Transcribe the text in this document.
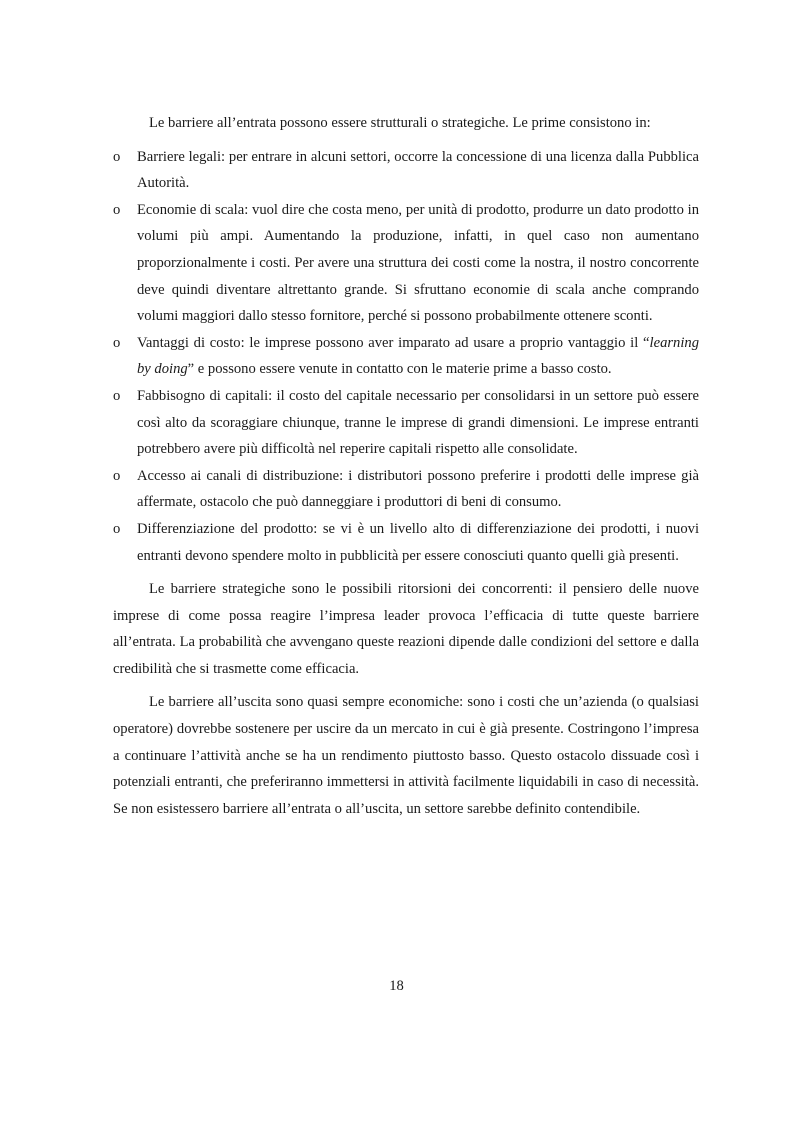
Le barriere all’entrata possono essere strutturali o strategiche. Le prime consistono in:

o	Barriere legali: per entrare in alcuni settori, occorre la concessione di una licenza dalla Pubblica Autorità.
o	Economie di scala: vuol dire che costa meno, per unità di prodotto, produrre un dato prodotto in volumi più ampi. Aumentando la produzione, infatti, in quel caso non aumentano proporzionalmente i costi. Per avere una struttura dei costi come la nostra, il nostro concorrente deve quindi diventare altrettanto grande. Si sfruttano economie di scala anche comprando volumi maggiori dallo stesso fornitore, perché si possono probabilmente ottenere sconti.
o	Vantaggi di costo: le imprese possono aver imparato ad usare a proprio vantaggio il “learning by doing” e possono essere venute in contatto con le materie prime a basso costo.
o	Fabbisogno di capitali: il costo del capitale necessario per consolidarsi in un settore può essere così alto da scoraggiare chiunque, tranne le imprese di grandi dimensioni. Le imprese entranti potrebbero avere più difficoltà nel reperire capitali rispetto alle consolidate.
o	Accesso ai canali di distribuzione: i distributori possono preferire i prodotti delle imprese già affermate, ostacolo che può danneggiare i produttori di beni di consumo.
o	Differenziazione del prodotto: se vi è un livello alto di differenziazione dei prodotti, i nuovi entranti devono spendere molto in pubblicità per essere conosciuti quanto quelli già presenti.

Le barriere strategiche sono le possibili ritorsioni dei concorrenti: il pensiero delle nuove imprese di come possa reagire l’impresa leader provoca l’efficacia di tutte queste barriere all’entrata. La probabilità che avvengano queste reazioni dipende dalle condizioni del settore e dalla credibilità che si trasmette come efficacia.

Le barriere all’uscita sono quasi sempre economiche: sono i costi che un’azienda (o qualsiasi operatore) dovrebbe sostenere per uscire da un mercato in cui è già presente. Costringono l’impresa a continuare l’attività anche se ha un rendimento piuttosto basso. Questo ostacolo dissuade così i potenziali entranti, che preferiranno immettersi in attività facilmente liquidabili in caso di necessità. Se non esistessero barriere all’entrata o all’uscita, un settore sarebbe definito contendibile.

18
